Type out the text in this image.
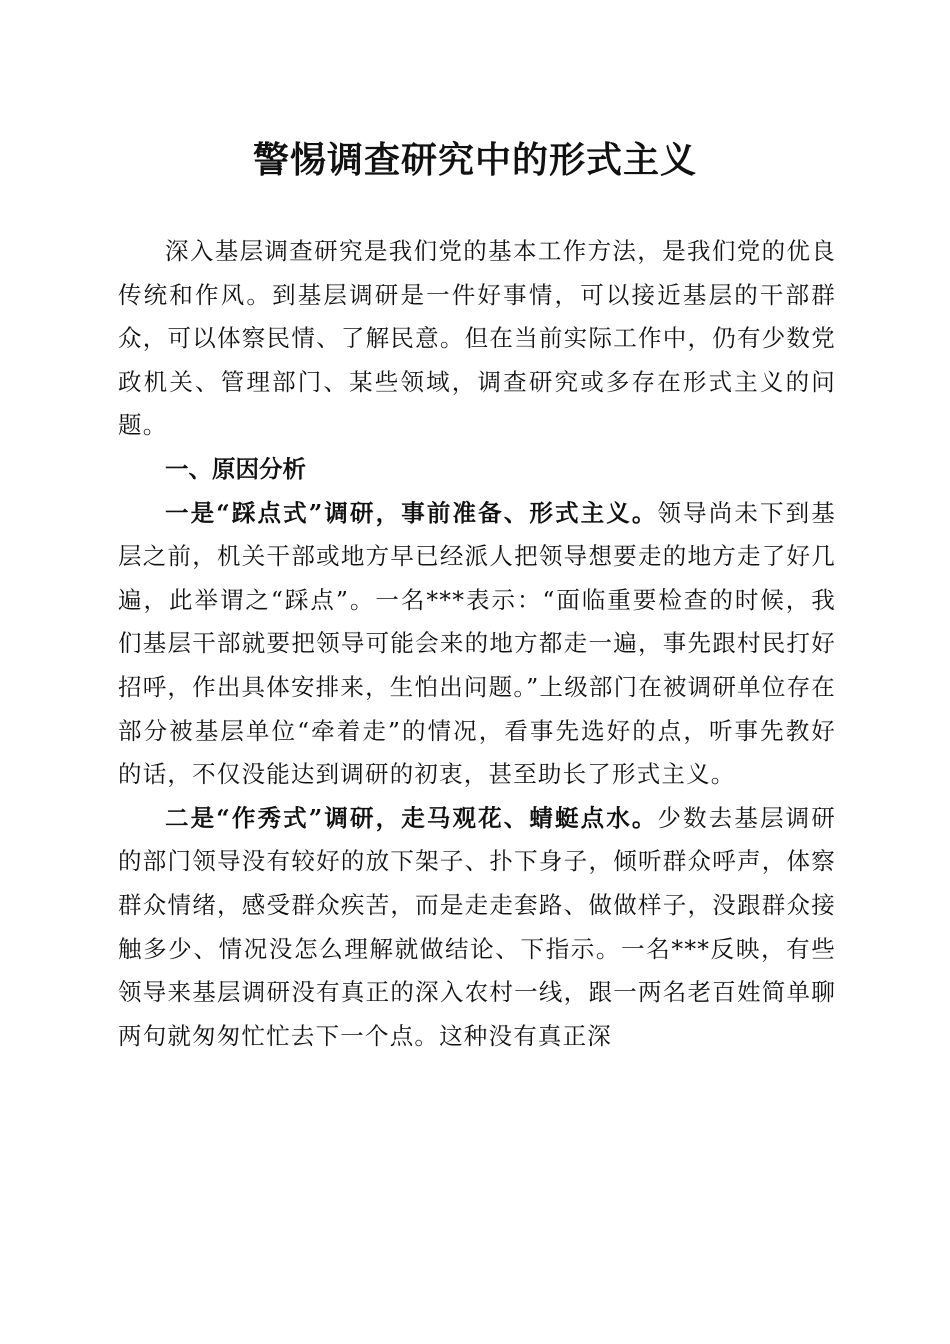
警惕调查研究中的形式主义

深入基层调查研究是我们党的基本工作方法，是我们党的优良传统和作风。到基层调研是一件好事情，可以接近基层的干部群众，可以体察民情、了解民意。但在当前实际工作中，仍有少数党政机关、管理部门、某些领域，调查研究或多存在形式主义的问题。

一、原因分析

一是“踩点式”调研，事前准备、形式主义。领导尚未下到基层之前，机关干部或地方早已经派人把领导想要走的地方走了好几遍，此举谓之“踩点”。一名***表示：“面临重要检查的时候，我们基层干部就要把领导可能会来的地方都走一遍，事先跟村民打好招呼，作出具体安排来，生怕出问题。”上级部门在被调研单位存在部分被基层单位“牵着走”的情况，看事先选好的点，听事先教好的话，不仅没能达到调研的初衷，甚至助长了形式主义。

二是“作秀式”调研，走马观花、蜻蜓点水。少数去基层调研的部门领导没有较好的放下架子、扑下身子，倾听群众呼声，体察群众情绪，感受群众疾苦，而是走走套路、做做样子，没跟群众接触多少、情况没怎么理解就做结论、下指示。一名***反映，有些领导来基层调研没有真正的深入农村一线，跟一两名老百姓简单聊两句就匆匆忙忙去下一个点。这种没有真正深
